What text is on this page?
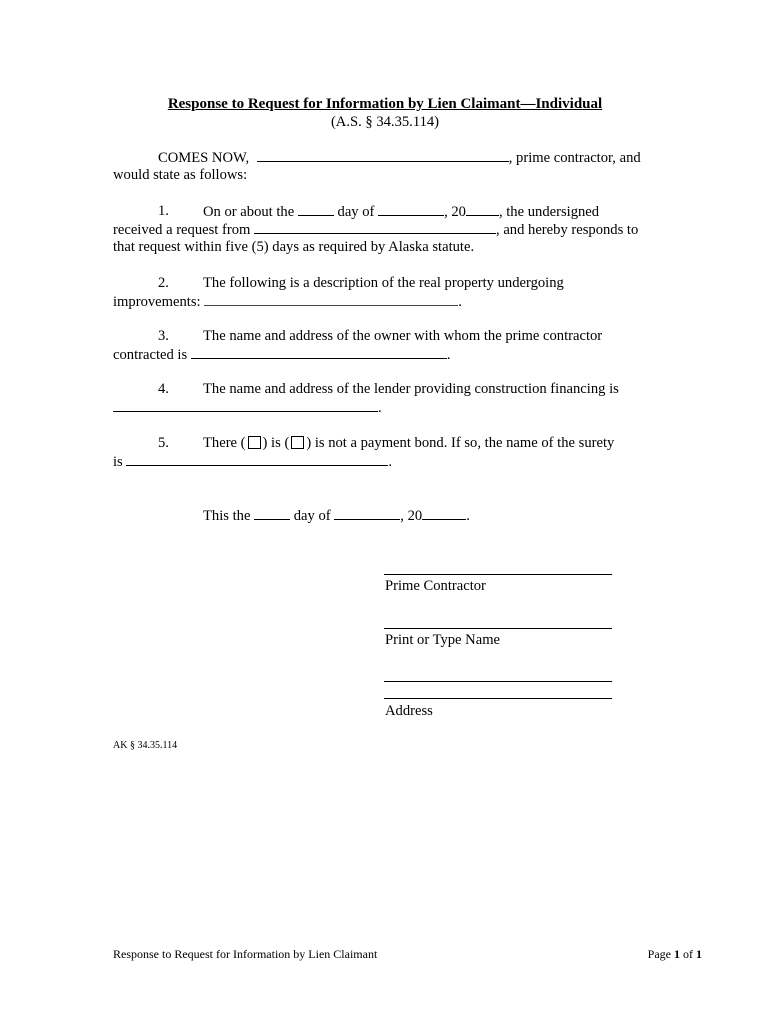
Response to Request for Information by Lien Claimant—Individual
(A.S. § 34.35.114)
COMES NOW,	, prime contractor, and
would state as follows:
1. On or about the	day of	, 20 , the undersigned
received a request from	, and hereby responds to
that request within five (5) days as required by Alaska statute.
2. The following is a description of the real property undergoing
improvements:	.
3. The name and address of the owner with whom the prime contractor
contracted is	.
4. The name and address of the lender providing construction financing is
.
5. There ( ) is ( ) is not a payment bond. If so, the name of the surety
is	.
This the	day of	, 20	.
Prime Contractor
Print or Type Name
Address
AK § 34.35.114
Response to Request for Information by Lien Claimant	Page 1 of 1
